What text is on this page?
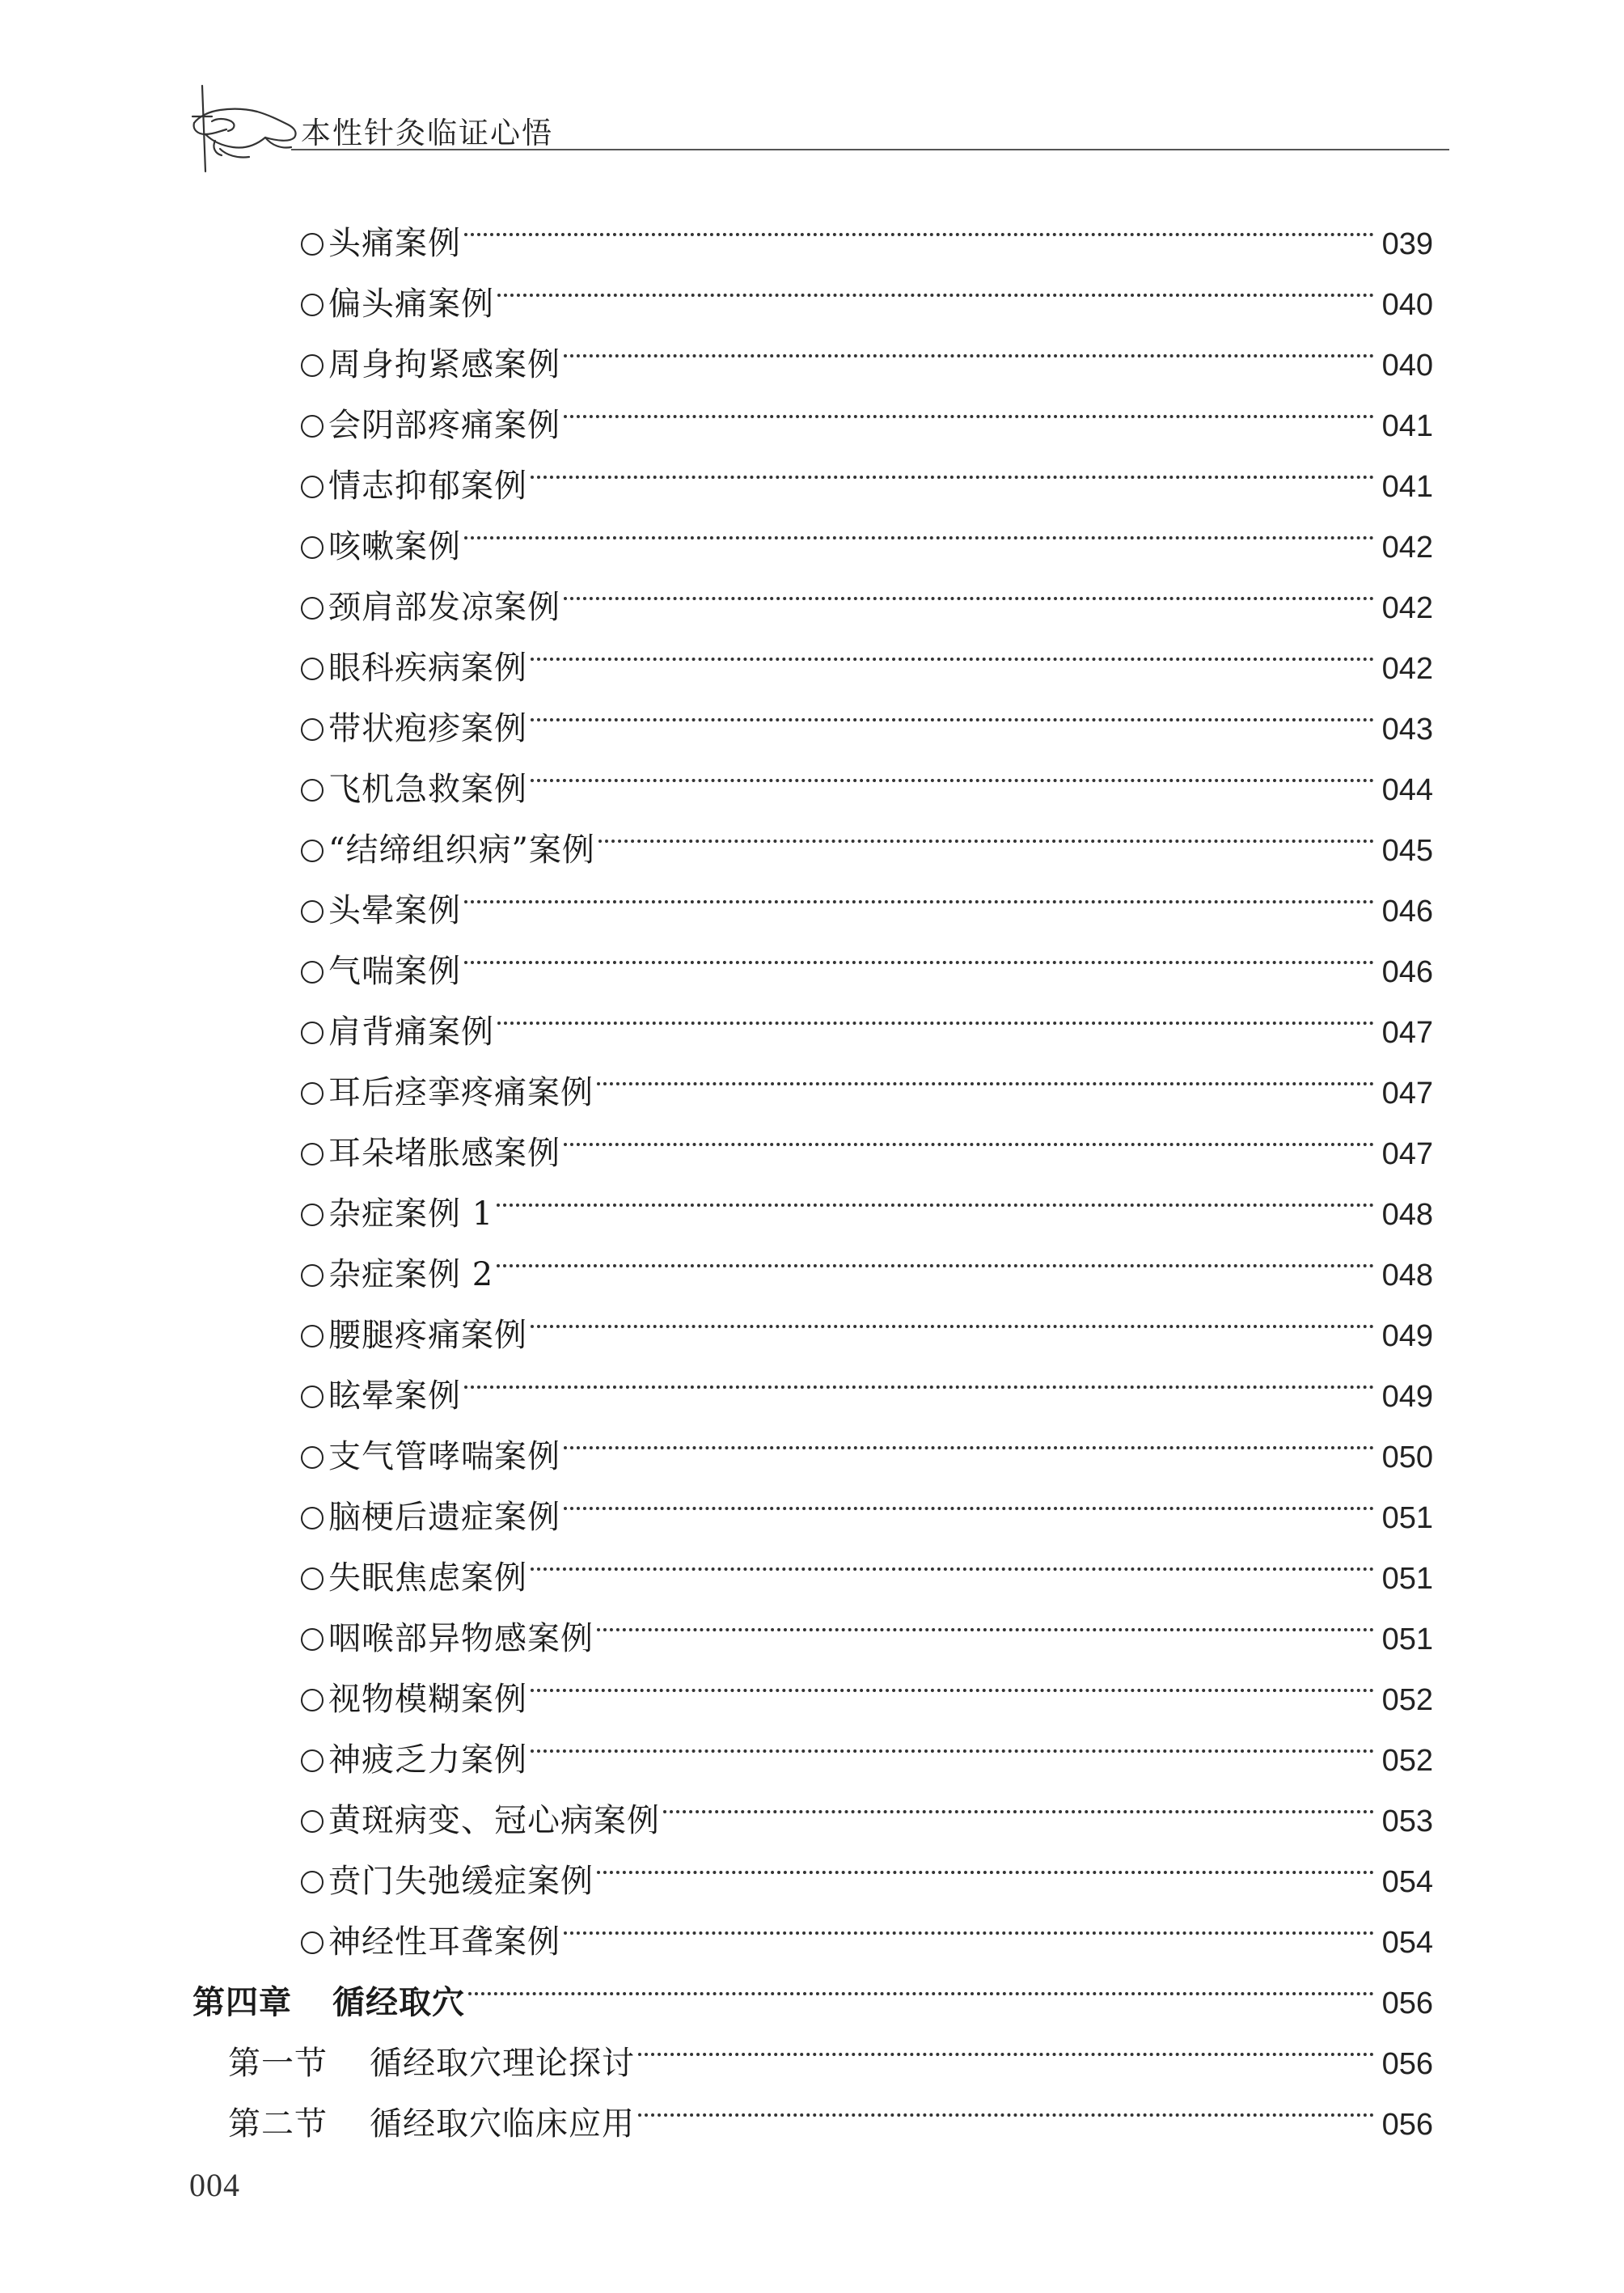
本性针灸临证心悟
头痛案例	039
偏头痛案例	040
周身拘紧感案例	040
会阴部疼痛案例	041
情志抑郁案例	041
咳嗽案例	042
颈肩部发凉案例	042
眼科疾病案例	042
带状疱疹案例	043
飞机急救案例	044
“结缔组织病”案例	045
头晕案例	046
气喘案例	046
肩背痛案例	047
耳后痉挛疼痛案例	047
耳朵堵胀感案例	047
杂症案例 1	048
杂症案例 2	048
腰腿疼痛案例	049
眩晕案例	049
支气管哮喘案例	050
脑梗后遗症案例	051
失眠焦虑案例	051
咽喉部异物感案例	051
视物模糊案例	052
神疲乏力案例	052
黄斑病变、冠心病案例	053
贲门失弛缓症案例	054
神经性耳聋案例	054
第四章 循经取穴	056
第一节 循经取穴理论探讨	056
第二节 循经取穴临床应用	056
004
